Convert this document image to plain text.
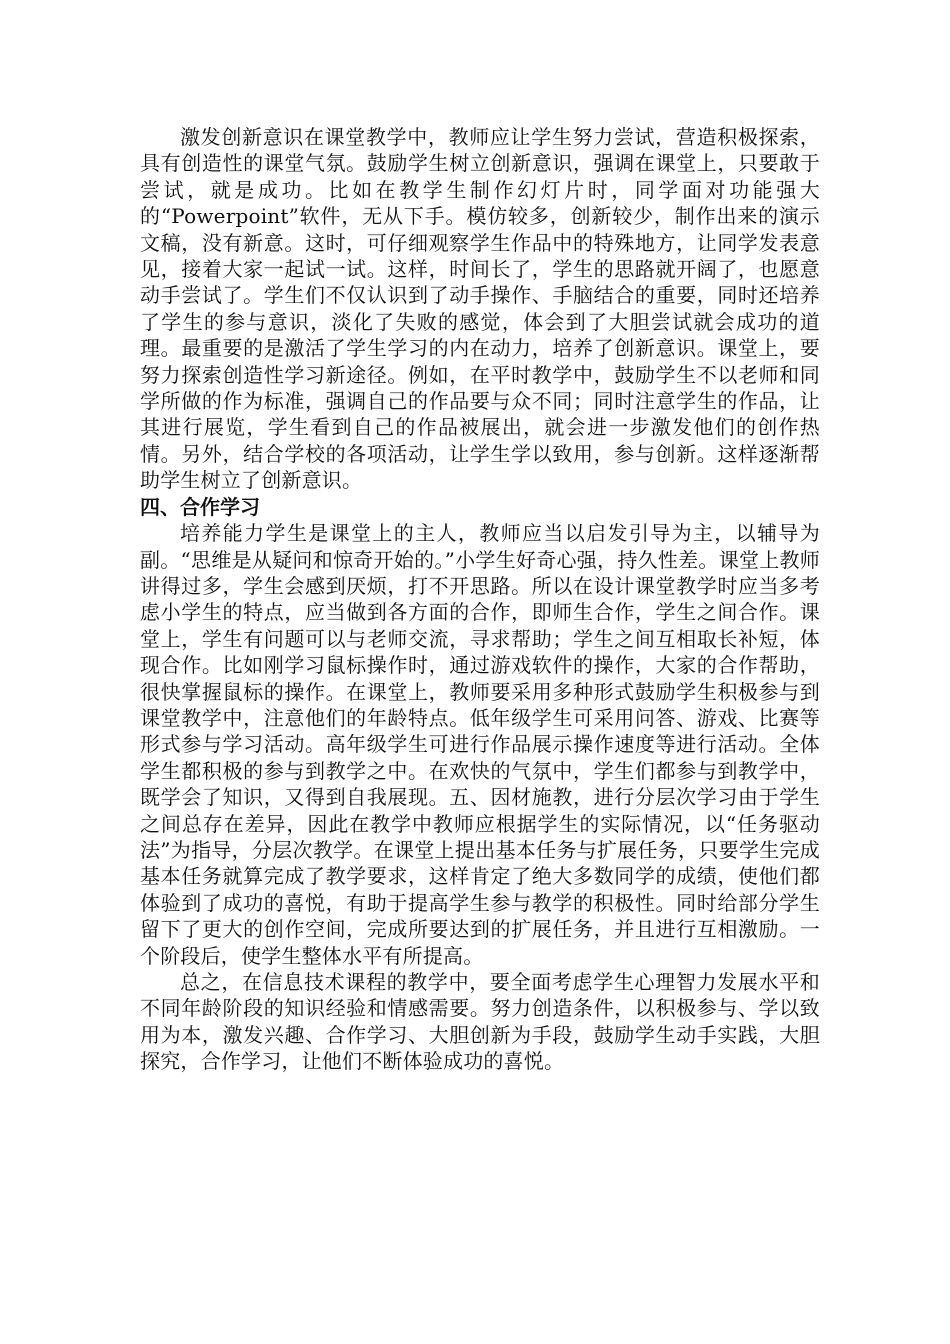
激发创新意识在课堂教学中，教师应让学生努力尝试，营造积极探索，具有创造性的课堂气氛。鼓励学生树立创新意识，强调在课堂上，只要敢于尝试，就是成功。比如在教学生制作幻灯片时，同学面对功能强大的“Powerpoint”软件，无从下手。模仿较多，创新较少，制作出来的演示文稿，没有新意。这时，可仔细观察学生作品中的特殊地方，让同学发表意见，接着大家一起试一试。这样，时间长了，学生的思路就开阔了，也愿意动手尝试了。学生们不仅认识到了动手操作、手脑结合的重要，同时还培养了学生的参与意识，淡化了失败的感觉，体会到了大胆尝试就会成功的道理。最重要的是激活了学生学习的内在动力，培养了创新意识。课堂上，要努力探索创造性学习新途径。例如，在平时教学中，鼓励学生不以老师和同学所做的作为标准，强调自己的作品要与众不同；同时注意学生的作品，让其进行展览，学生看到自己的作品被展出，就会进一步激发他们的创作热情。另外，结合学校的各项活动，让学生学以致用，参与创新。这样逐渐帮助学生树立了创新意识。

四、合作学习

培养能力学生是课堂上的主人，教师应当以启发引导为主，以辅导为副。“思维是从疑问和惊奇开始的。”小学生好奇心强，持久性差。课堂上教师讲得过多，学生会感到厌烦，打不开思路。所以在设计课堂教学时应当多考虑小学生的特点，应当做到各方面的合作，即师生合作，学生之间合作。课堂上，学生有问题可以与老师交流，寻求帮助；学生之间互相取长补短，体现合作。比如刚学习鼠标操作时，通过游戏软件的操作，大家的合作帮助，很快掌握鼠标的操作。在课堂上，教师要采用多种形式鼓励学生积极参与到课堂教学中，注意他们的年龄特点。低年级学生可采用问答、游戏、比赛等形式参与学习活动。高年级学生可进行作品展示操作速度等进行活动。全体学生都积极的参与到教学之中。在欢快的气氛中，学生们都参与到教学中，既学会了知识，又得到自我展现。五、因材施教，进行分层次学习由于学生之间总存在差异，因此在教学中教师应根据学生的实际情况，以“任务驱动法”为指导，分层次教学。在课堂上提出基本任务与扩展任务，只要学生完成基本任务就算完成了教学要求，这样肯定了绝大多数同学的成绩，使他们都体验到了成功的喜悦，有助于提高学生参与教学的积极性。同时给部分学生留下了更大的创作空间，完成所要达到的扩展任务，并且进行互相激励。一个阶段后，使学生整体水平有所提高。

总之，在信息技术课程的教学中，要全面考虑学生心理智力发展水平和不同年龄阶段的知识经验和情感需要。努力创造条件，以积极参与、学以致用为本，激发兴趣、合作学习、大胆创新为手段，鼓励学生动手实践，大胆探究，合作学习，让他们不断体验成功的喜悦。
